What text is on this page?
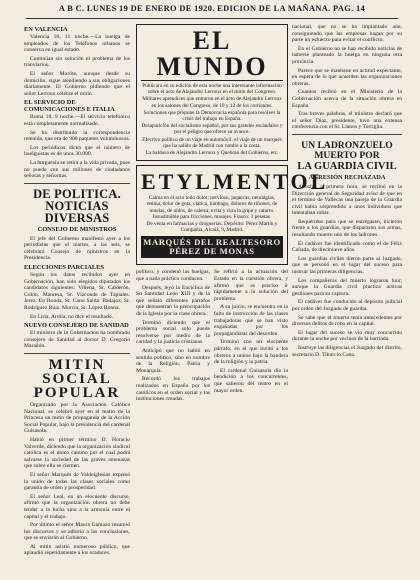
A B C. LUNES 19 DE ENERO DE 1920. EDICION DE LA MAÑANA. PAG. 14
EN VALENCIA
Valencia 18, 11 noche.—La huelga de empleados de los Teléfonos urbanos se conserva en igual estado.
Continúan sin solución el problema de los tranviarios.
El señor Moróte, aunque desde su domicilio, sigue atendiendo a sus obligaciones diariamente. El Gobierno pidiendo que el señor Lerroux celebre el mitin.
EL SERVICIO DE COMUNICACIONES E ITALIA
Roma 18, 9 noche.—El servicio telefónico está completamente normalizado.
Se ha distribuido la correspondencia retenida, que era de 900 paquetes voluminosos.
Los periódicos dicen que el número de huelguistas es de unos 30.000.
La burguesía se retira a la vida privada, pues no puede con sus millones de ciudadanos señoras y señoritas.
DE POLITICA.
NOTICIAS DIVERSAS
CONSEJO DE MINISTROS
El jefe del Gobierno manifestó ayer a los periodistas que el martes, a las seis, se celebrará Consejo de ministros en la Presidencia.
ELECCIONES PARCIALES
Según los datos recibidos ayer en Gobernación, han sido elegidos diputados los candidatos siguientes: Villena, Sr. Calderón, Colón. Manresa, Sr. Vizconde de Tapiales. Jerez. En Ronda, Sr. Cano Saida. Badajoz, Sr. Rodríguez Ruiz. Murcia, Sr. López Bonna.
En Liria, Ardila, no dice el resultado.
NUEVO CONSEJERO DE SANIDAD
El ministro de la Gobernación ha nombrado consejero de Sanidad al doctor D. Gregorio Marañón.
MITIN SOCIAL
POPULAR
Organizado por la Asociación Católica Nacional, se celebró ayer en el teatro de la Princesa un mitin de propaganda de la Acción Social Popular, bajo la presidencia del cardenal Guisasola.
Habló en primer término D. Horacio Valverde, diciendo que la organización sindical católica es el único camino por el cual podrá salvarse la sociedad de las graves amenazas que sobre ella se ciernen.
El señor Marqués de Valdeiglesias expresó la unión de todas las clases sociales como garantía de orden y prosperidad.
El señor Leal, en un elocuente discurso, afirmó que la organización obrera no debe tender a la lucha sino a la armonía entre el capital y el trabajo.
Por último el señor Maura Gamazo resumió los discursos y se adhirió a las conclusiones, que se enviarán al Gobierno.
Al mitin asistió numeroso público, que aplaudió repetidamente a los oradores.
EL MUNDO
Publicará en su edición de esta noche una interesante información sobre el acto de Alejandro Lerroux en el mitin del Congreso.
Militares aprendices que entraron en el acto de Alejandro Lerroux en los salones del Congreso, de 10 y 12 de los corrientes.
Soluciones que propone la Democracia española para resolver la crisis del trabajo en España.
Desaparición del socialismo español, por sus grandes escándalos y por el peligro que ofrece su avance.
Efectivo político de un viaje en automóvil: el viaje de un marqués que ha salido de Madrid con rumbo a la costa.
La baldosa de Alejandro Lerroux y Quebran del Gobierno, etc.
ETYLMENTOL
Calma en el acto todo dolor; nervioso, jaquecas, neuralgias, reúma, dolor de gota, ciática, lumbago, dolores de riñones, de muelas, de oídos, de cabeza; evita y cura la gripe y catarro. Insustituible para fricciones, masajes. Frasco: 3 pesetas.
De venta en farmacias y droguerías. Depósito: Pérez Martín y Compañía, Alcalá, 9, Madrid.
MARQUÉS DEL REALTESORO
PÉREZ DE MONAS
político, y condenó las huelgas, que a nada práctico conducen.
Después, leyó la Encíclica de Su Santidad León XIII y de la que señaló diferentes párrafos que demuestran la preocupación de la Iglesia por la clase obrera.
Terminó diciendo que el problema social solo puede resolverse por medio de la caridad y la justicia cristianas.
Anticipó que no habló en sentido político, sino en nombre de la Religión, Patria y Monarquía.
Recordó los trabajos realizados en España por los católicos en el orden social y las instituciones creadas.
Se refirió a la actuación del Estado en la cuestión obrera, y afirmó que es preciso ir rápidamente a la solución del problema.
A su juicio, se encuentra en la falta de instrucción de las clases trabajadoras que se han visto engañadas por los propagandistas del desorden.
Terminó con un elocuente párrafo, en el que invitó a los obreros a unirse bajo la bandera de la religión y la patria.
El cardenal Guisasola dio la bendición a los concurrentes, que salieron del teatro en el mayor orden.
nacional, que no se ha implantado aún, consiguiendo que las empresas hagan por su parte un esfuerzo para evitar el conflicto.
En el Gobierno no se han recibido noticias de haberse planteado la huelga en ninguna otra provincia.
Parece que se mantiene en actitud expectante, en espera de lo que acuerden las organizaciones obreras.
Cuantos recibió en el Ministerio de la Gobernación acerca de la situación obrera en España.
Tras breves palabras, el ministro declaró que el señor Díaz, presidente, tuvo una extensa conferencia con el Sr. Llanos y Torriglia.
UN LADRONZUELO
MUERTO POR
LA GUARDIA CIVIL
AGRESIÓN RECHAZADA
Anoche, a primera hora, se recibió en la Dirección general de Seguridad aviso de que en el término de Vallecas una pareja de la Guardia civil había sorprendido a unos individuos que intentaban robar.
Requeridos para que se entregasen, hicieron frente a los guardias, que dispararon sus armas, resultando muerto uno de los ladrones.
El cadáver fue identificado como el de Félix Cañada, de diecinueve años.
Los guardias civiles dieron parte al Juzgado, que se personó en el lugar del suceso para instruir las primeras diligencias.
Los compañeros del muerto lograron huir, aunque la Guardia civil practica activas gestiones para su captura.
El cadáver fue conducido al depósito judicial por orden del Juzgado de guardia.
Se sabe que el muerto tenía antecedentes por diversos delitos de robo en la capital.
El lugar del suceso se vio muy concurrido durante la noche por vecinos de la barriada.
Instruye las diligencias el Juzgado del distrito, secretario D. Tiburcio Cano.
